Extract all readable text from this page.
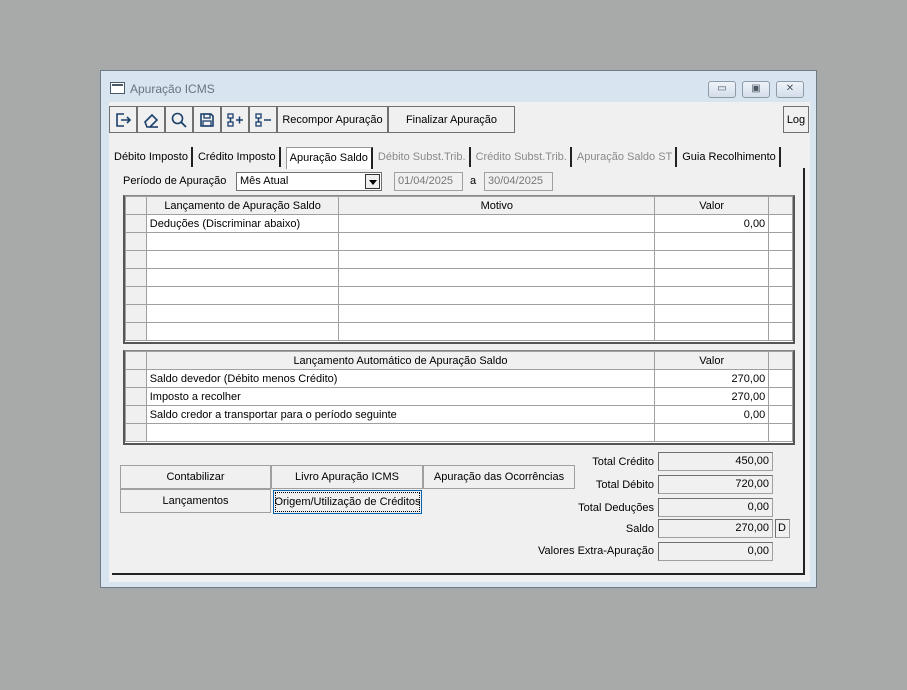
Apuração ICMS	▭	▣	✕
Recompor Apuração	Finalizar Apuração	Log
Débito Imposto Crédito Imposto	Apuração Saldo Débito Subst.Trib. Crédito Subst.Trib. Apuração Saldo ST Guia Recolhimento
Período de Apuração	Mês Atual	01/04/2025	a	30/04/2025
	Lançamento de Apuração Saldo	Motivo	Valor	
	Deduções (Discriminar abaixo)		0,00	

	Lançamento Automático de Apuração Saldo	Valor	
	Saldo devedor (Débito menos Crédito)	270,00	
	Imposto a recolher	270,00	
	Saldo credor a transportar para o período seguinte	0,00	

Contabilizar	Livro Apuração ICMS	Apuração das Ocorrências
Lançamentos	Origem/Utilização de Créditos
Total Crédito	450,00
Total Débito	720,00
Total Deduções	0,00
Saldo	270,00 D
Valores Extra-Apuração	0,00
